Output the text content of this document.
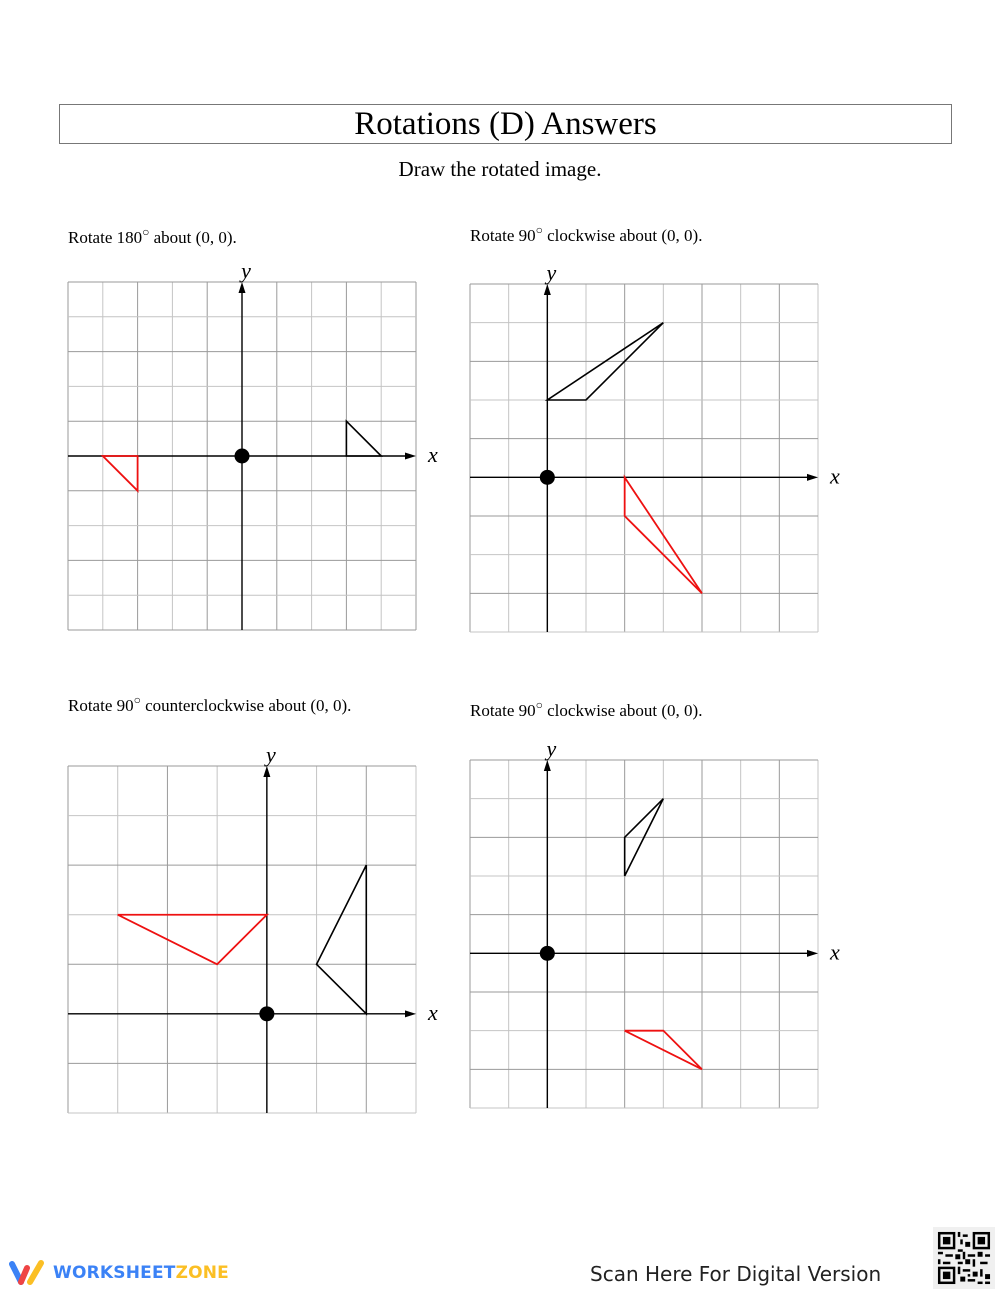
Rotations (D) Answers
Draw the rotated image.
Rotate 180○ about (0, 0).
x
y
Rotate 90○ clockwise about (0, 0).
x
y
Rotate 90○ counterclockwise about (0, 0).
x
y
Rotate 90○ clockwise about (0, 0).
x
y
WORKSHEETZONE	Scan Here For Digital Version
